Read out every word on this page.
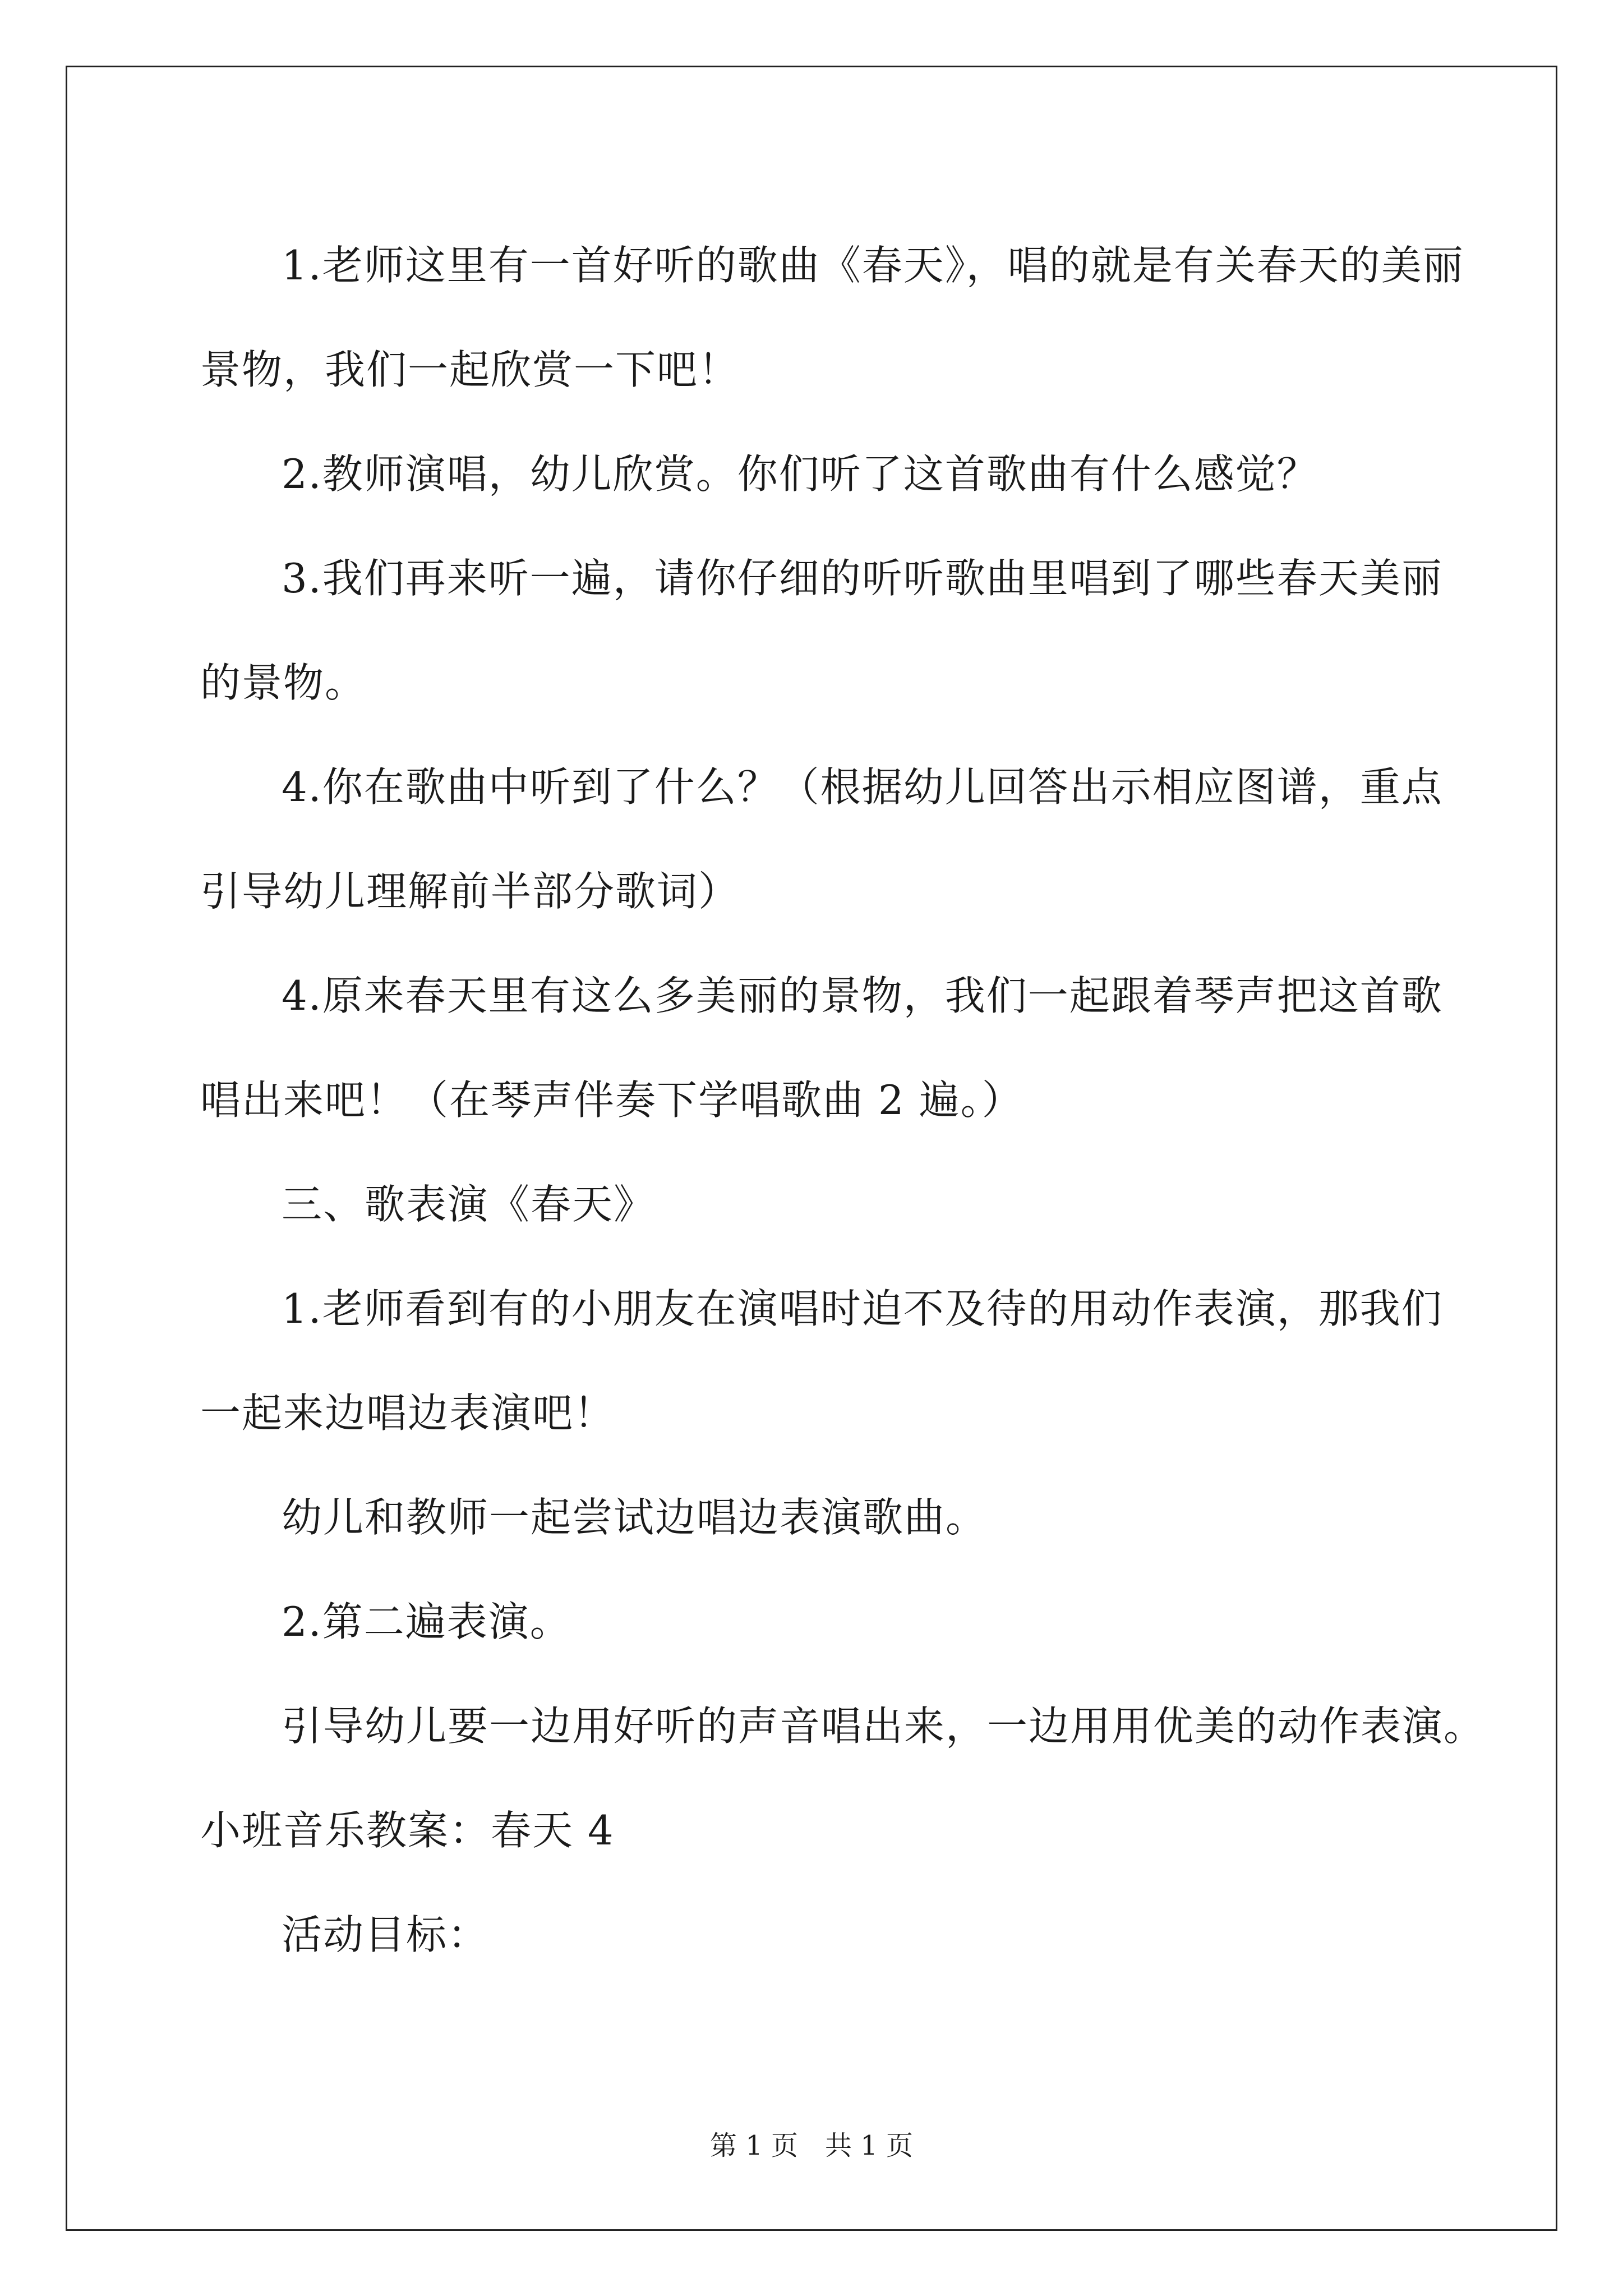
1.老师这里有一首好听的歌曲《春天》，唱的就是有关春天的美丽

景物，我们一起欣赏一下吧！

2.教师演唱，幼儿欣赏。你们听了这首歌曲有什么感觉？

3.我们再来听一遍，请你仔细的听听歌曲里唱到了哪些春天美丽

的景物。

4.你在歌曲中听到了什么？（根据幼儿回答出示相应图谱，重点

引导幼儿理解前半部分歌词）

4.原来春天里有这么多美丽的景物，我们一起跟着琴声把这首歌

唱出来吧！（在琴声伴奏下学唱歌曲 2 遍。）

三、歌表演《春天》

1.老师看到有的小朋友在演唱时迫不及待的用动作表演，那我们

一起来边唱边表演吧！

幼儿和教师一起尝试边唱边表演歌曲。

2.第二遍表演。

引导幼儿要一边用好听的声音唱出来，一边用用优美的动作表演。

小班音乐教案：春天 4

活动目标：

第 1 页　共 1 页
